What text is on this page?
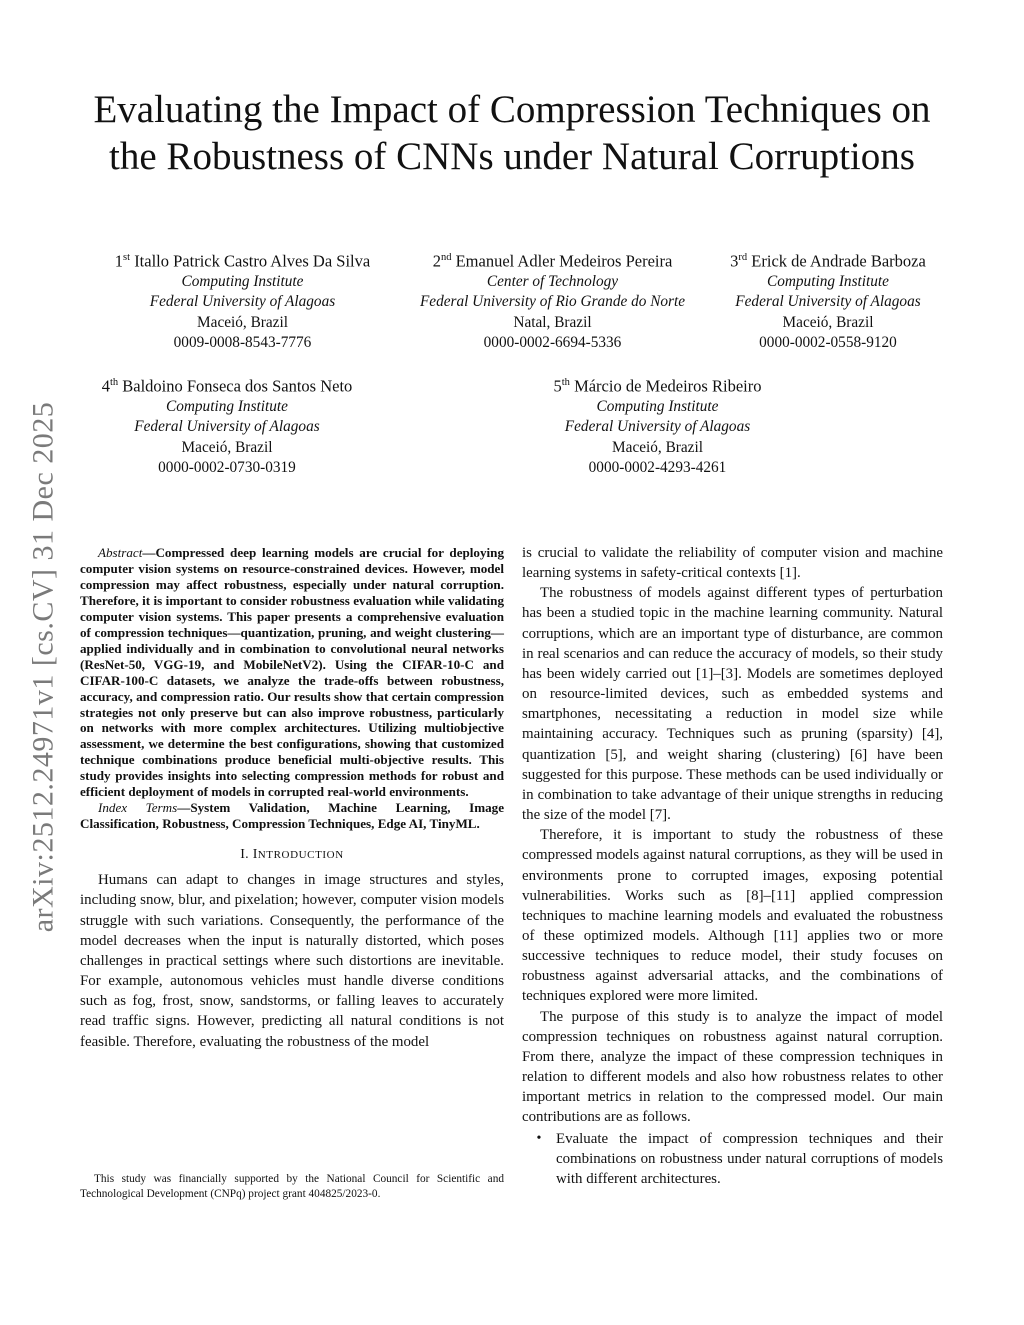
arXiv:2512.24971v1 [cs.CV] 31 Dec 2025
Evaluating the Impact of Compression Techniques on the Robustness of CNNs under Natural Corruptions
1st Itallo Patrick Castro Alves Da Silva
Computing Institute
Federal University of Alagoas
Maceió, Brazil
0009-0008-8543-7776
2nd Emanuel Adler Medeiros Pereira
Center of Technology
Federal University of Rio Grande do Norte
Natal, Brazil
0000-0002-6694-5336
3rd Erick de Andrade Barboza
Computing Institute
Federal University of Alagoas
Maceió, Brazil
0000-0002-0558-9120
4th Baldoino Fonseca dos Santos Neto
Computing Institute
Federal University of Alagoas
Maceió, Brazil
0000-0002-0730-0319
5th Márcio de Medeiros Ribeiro
Computing Institute
Federal University of Alagoas
Maceió, Brazil
0000-0002-4293-4261

Abstract—Compressed deep learning models are crucial for deploying computer vision systems on resource-constrained devices. However, model compression may affect robustness, especially under natural corruption. Therefore, it is important to consider robustness evaluation while validating computer vision systems. This paper presents a comprehensive evaluation of compression techniques—quantization, pruning, and weight clustering—applied individually and in combination to convolutional neural networks (ResNet-50, VGG-19, and MobileNetV2). Using the CIFAR-10-C and CIFAR-100-C datasets, we analyze the trade-offs between robustness, accuracy, and compression ratio. Our results show that certain compression strategies not only preserve but can also improve robustness, particularly on networks with more complex architectures. Utilizing multiobjective assessment, we determine the best configurations, showing that customized technique combinations produce beneficial multi-objective results. This study provides insights into selecting compression methods for robust and efficient deployment of models in corrupted real-world environments.

Index Terms—System Validation, Machine Learning, Image Classification, Robustness, Compression Techniques, Edge AI, TinyML.

I. INTRODUCTION

Humans can adapt to changes in image structures and styles, including snow, blur, and pixelation; however, computer vision models struggle with such variations. Consequently, the performance of the model decreases when the input is naturally distorted, which poses challenges in practical settings where such distortions are inevitable. For example, autonomous vehicles must handle diverse conditions such as fog, frost, snow, sandstorms, or falling leaves to accurately read traffic signs. However, predicting all natural conditions is not feasible. Therefore, evaluating the robustness of the model

This study was financially supported by the National Council for Scientific and Technological Development (CNPq) project grant 404825/2023-0.

is crucial to validate the reliability of computer vision and machine learning systems in safety-critical contexts [1].

The robustness of models against different types of perturbation has been a studied topic in the machine learning community. Natural corruptions, which are an important type of disturbance, are common in real scenarios and can reduce the accuracy of models, so their study has been widely carried out [1]–[3]. Models are sometimes deployed on resource-limited devices, such as embedded systems and smartphones, necessitating a reduction in model size while maintaining accuracy. Techniques such as pruning (sparsity) [4], quantization [5], and weight sharing (clustering) [6] have been suggested for this purpose. These methods can be used individually or in combination to take advantage of their unique strengths in reducing the size of the model [7].

Therefore, it is important to study the robustness of these compressed models against natural corruptions, as they will be used in environments prone to corrupted images, exposing potential vulnerabilities. Works such as [8]–[11] applied compression techniques to machine learning models and evaluated the robustness of these optimized models. Although [11] applies two or more successive techniques to reduce model, their study focuses on robustness against adversarial attacks, and the combinations of techniques explored were more limited.

The purpose of this study is to analyze the impact of model compression techniques on robustness against natural corruption. From there, analyze the impact of these compression techniques in relation to different models and also how robustness relates to other important metrics in relation to the compressed model. Our main contributions are as follows.

• Evaluate the impact of compression techniques and their combinations on robustness under natural corruptions of models with different architectures.
